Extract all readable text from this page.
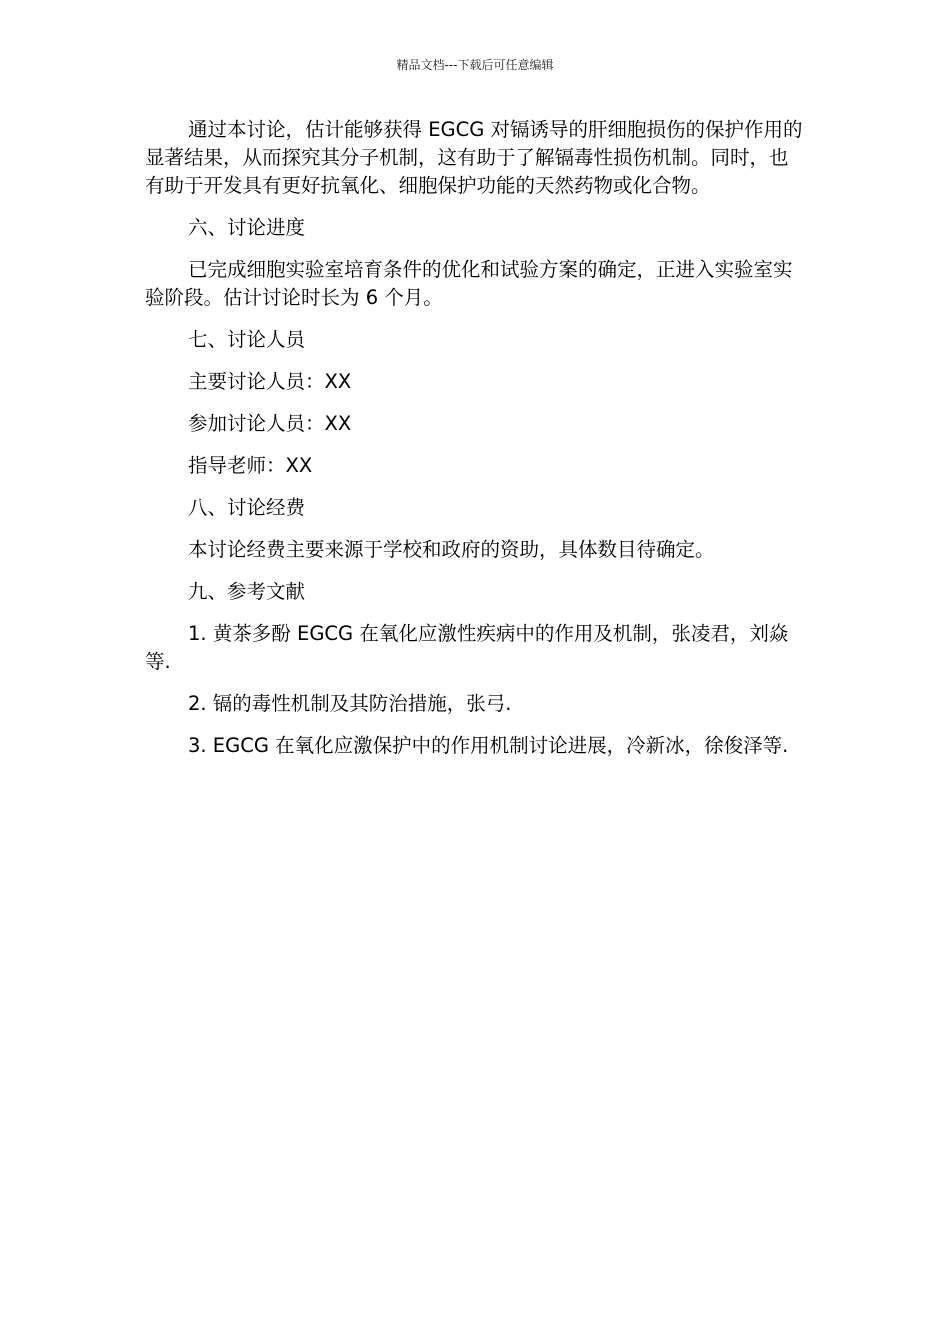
精品文档---下载后可任意编辑

通过本讨论，估计能够获得 EGCG 对镉诱导的肝细胞损伤的保护作用的显著结果，从而探究其分子机制，这有助于了解镉毒性损伤机制。同时，也有助于开发具有更好抗氧化、细胞保护功能的天然药物或化合物。

六、讨论进度

已完成细胞实验室培育条件的优化和试验方案的确定，正进入实验室实验阶段。估计讨论时长为 6 个月。

七、讨论人员

主要讨论人员：XX

参加讨论人员：XX

指导老师：XX

八、讨论经费

本讨论经费主要来源于学校和政府的资助，具体数目待确定。

九、参考文献

1. 黄茶多酚 EGCG 在氧化应激性疾病中的作用及机制，张凌君，刘焱等.

2. 镉的毒性机制及其防治措施，张弓.

3. EGCG 在氧化应激保护中的作用机制讨论进展，冷新冰，徐俊泽等.
